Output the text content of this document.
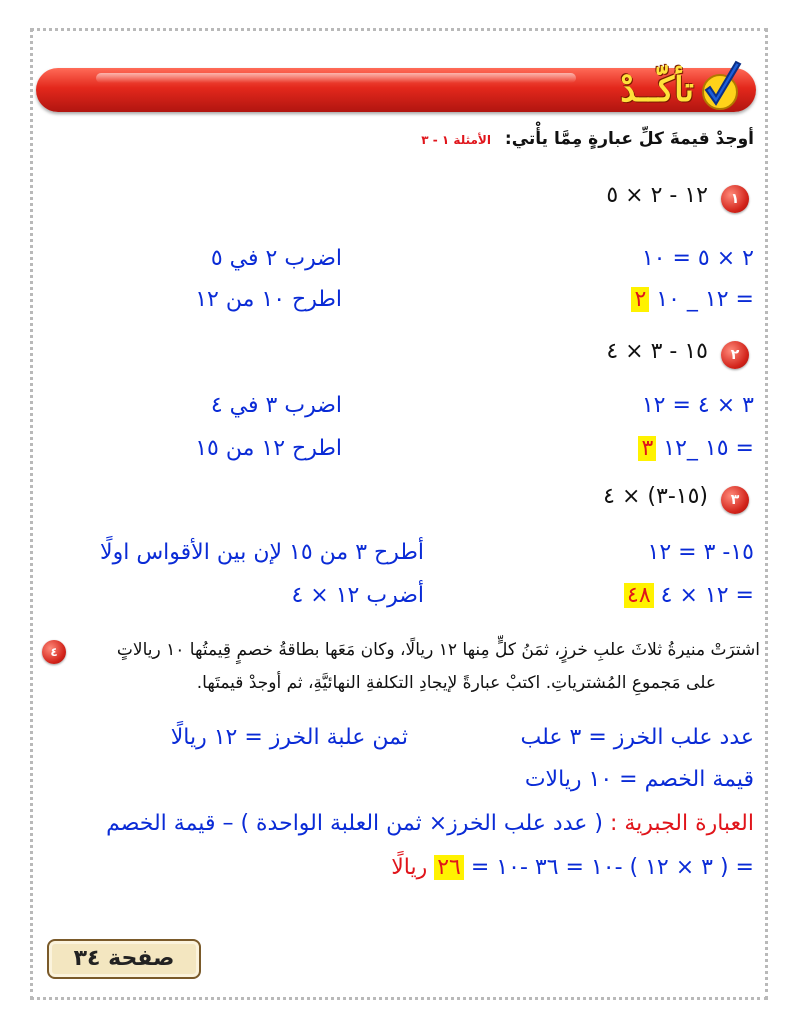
تأكّــدْ
أوجدْ قيمةَ كلِّ عبارةٍ مِمَّا يأْتي: الأمثلة ١ - ٣
١
١٢ - ٢ × ٥
٢ × ٥ = ١٠
اضرب ٢ في ٥
= ١٢ _ ١٠ ٢
اطرح ١٠ من ١٢
٢
١٥ - ٣ × ٤
٣ × ٤ = ١٢
اضرب ٣ في ٤
= ١٥ _١٢ ٣
اطرح ١٢ من ١٥
٣
(١٥-٣) × ٤
١٥- ٣ = ١٢
أطرح ٣ من ١٥ لإن بين الأقواس اولًا
= ١٢ × ٤ ٤٨
أضرب ١٢ × ٤
٤	اشترَتْ منيرةُ ثلاثَ علبِ خرزٍ، ثمَنُ كلٍّ مِنها ١٢ ريالًا، وكان مَعَها بطاقةُ خصمٍ قِيمتُها ١٠ ريالاتٍ
على مَجموعِ المُشترياتِ. اكتبْ عبارةً لإيجادِ التكلفةِ النهائيَّةِ، ثم أوجدْ قيمتَها.
عدد علب الخرز = ٣ علب
ثمن علبة الخرز = ١٢ ريالًا
قيمة الخصم = ١٠ ريالات
العبارة الجبرية : ( عدد علب الخرز× ثمن العلبة الواحدة ) – قيمة الخصم
= ( ٣ × ١٢ ) -١٠ = ٣٦ -١٠ = ٢٦ ريالًا
صفحة ٣٤
